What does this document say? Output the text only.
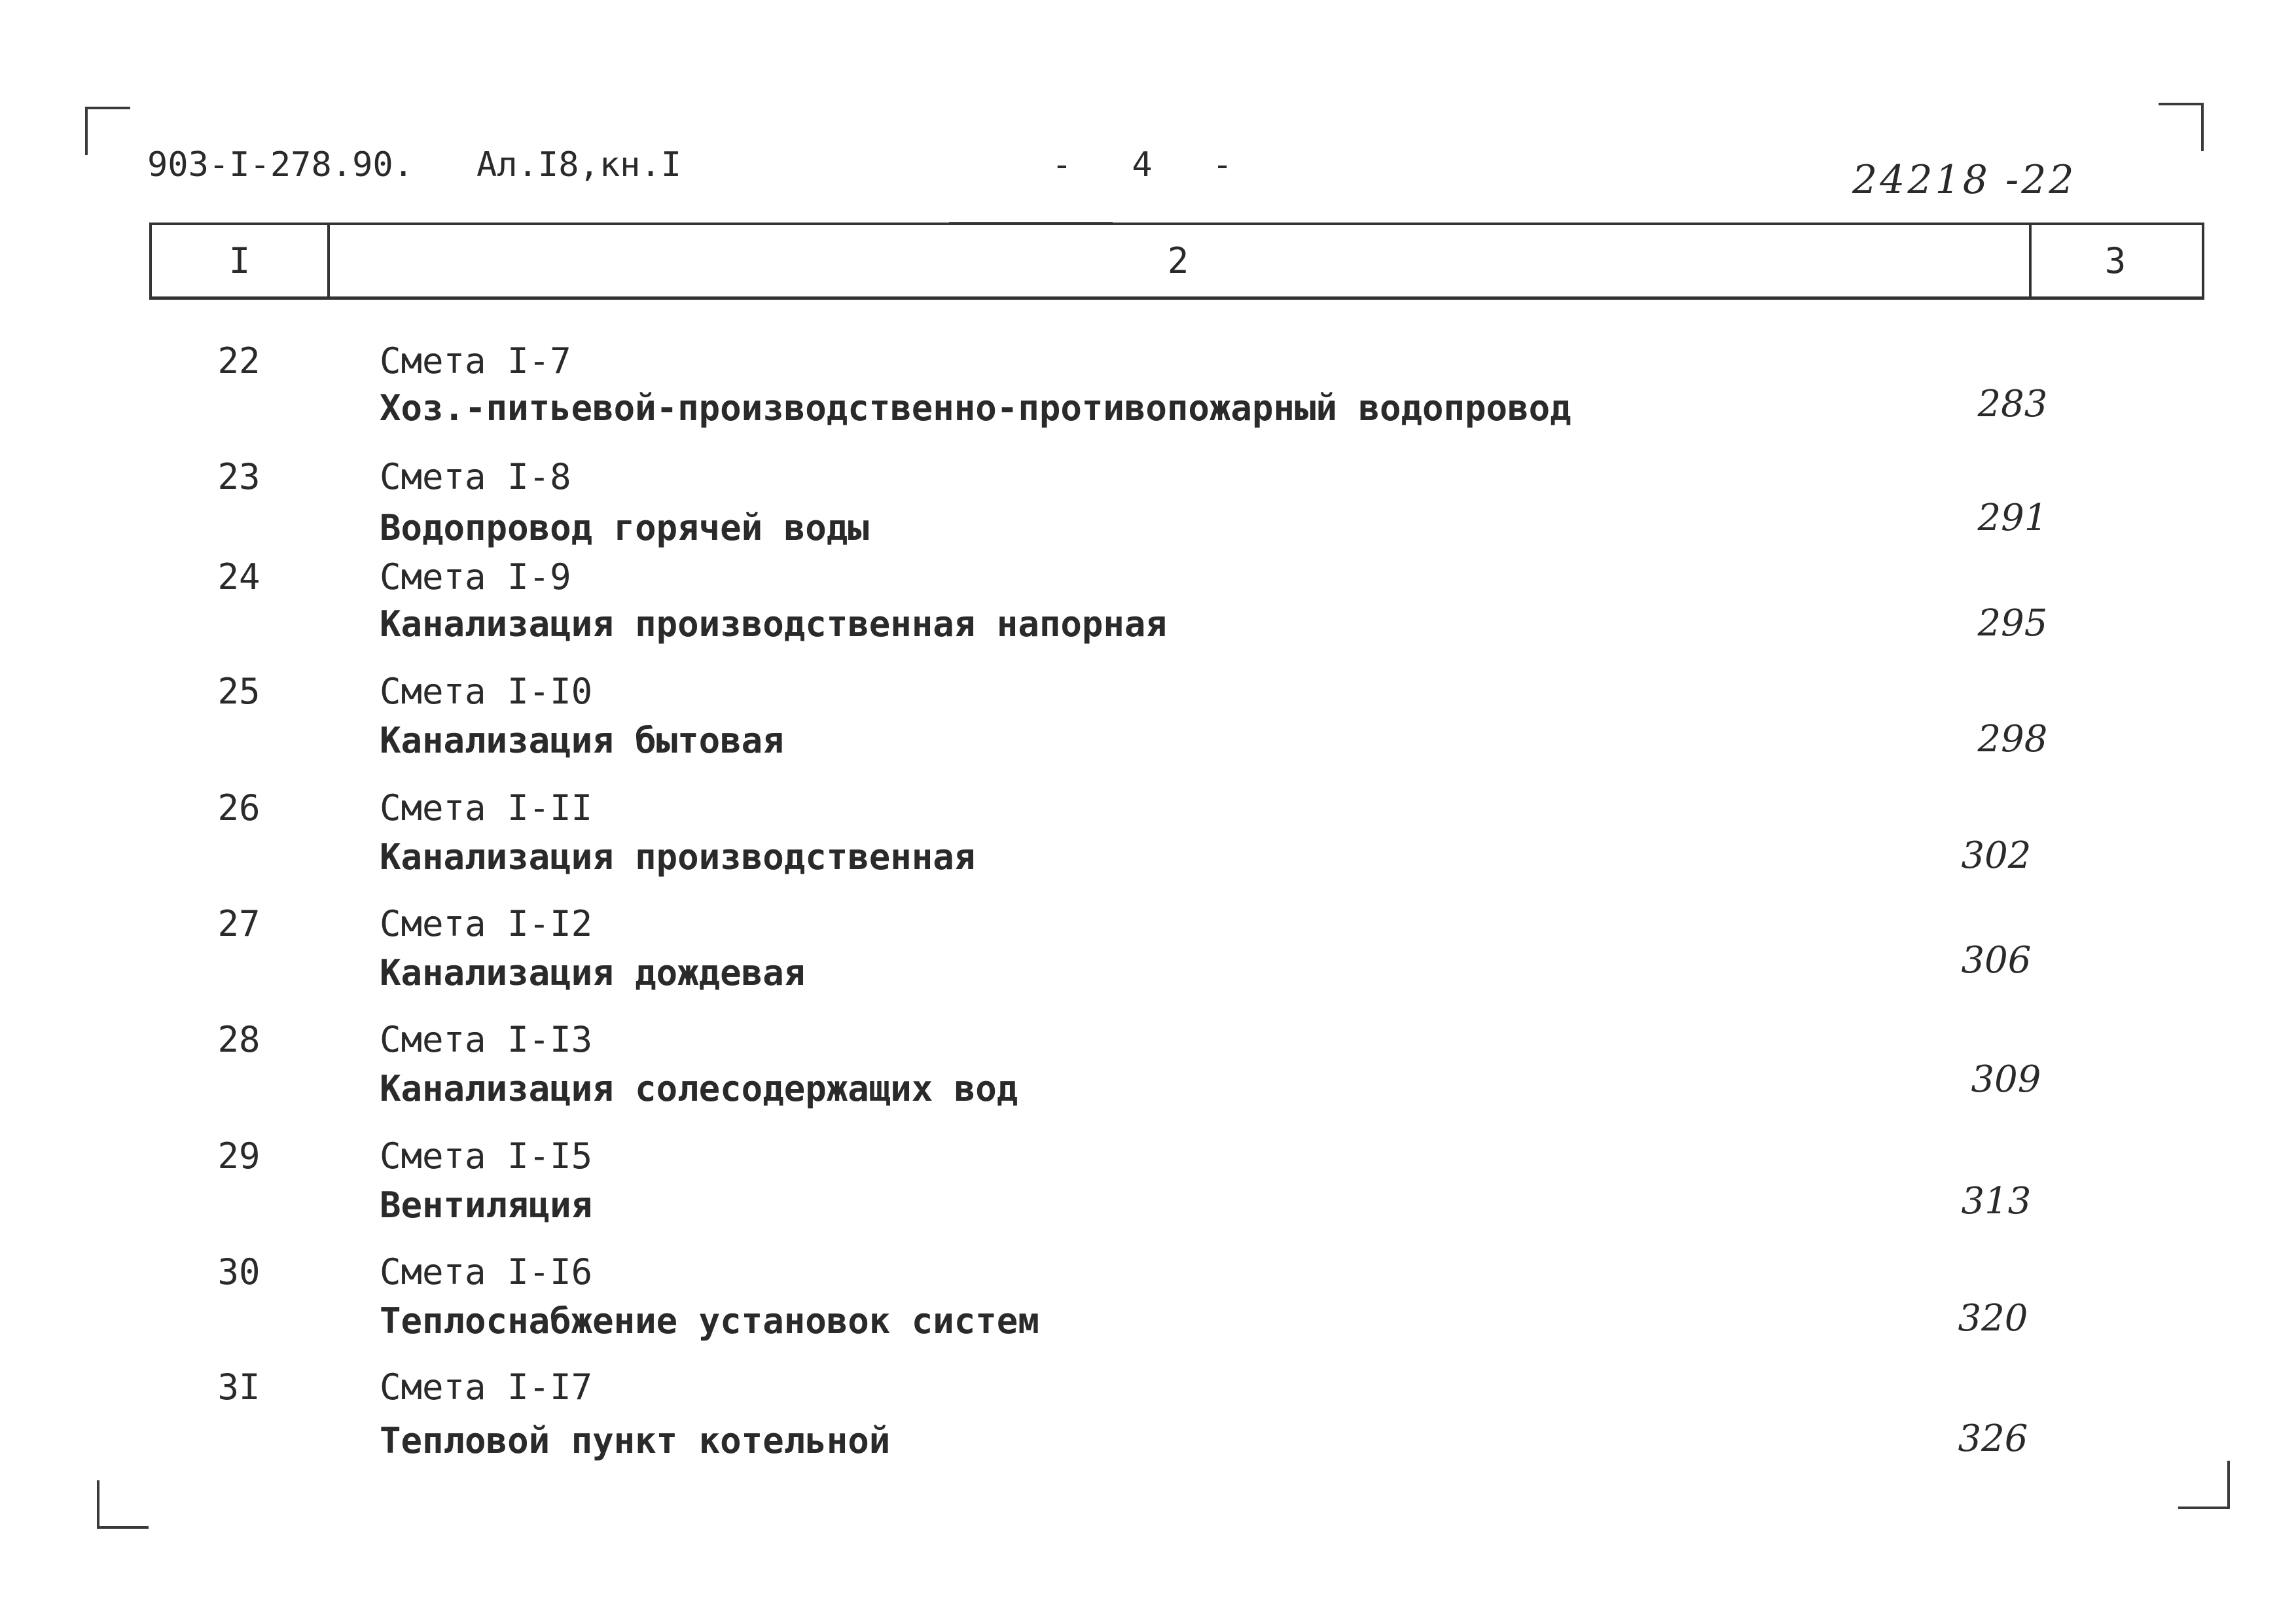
903-I-278.90. Ал.I8,кн.I	- 4 -	24218 -22
I	2	3
22	Смета I-7
Хоз.-питьевой-производственно-противопожарный водопровод	283
23	Смета I-8
Водопровод горячей воды	291
24	Смета I-9
Канализация производственная напорная	295
25	Смета I-I0
Канализация бытовая	298
26	Смета I-II
Канализация производственная	302
27	Смета I-I2
Канализация дождевая	306
28	Смета I-I3
Канализация солесодержащих вод	309
29	Смета I-I5
Вентиляция	313
30	Смета I-I6
Теплоснабжение установок систем	320
3I	Смета I-I7
Тепловой пункт котельной	326
